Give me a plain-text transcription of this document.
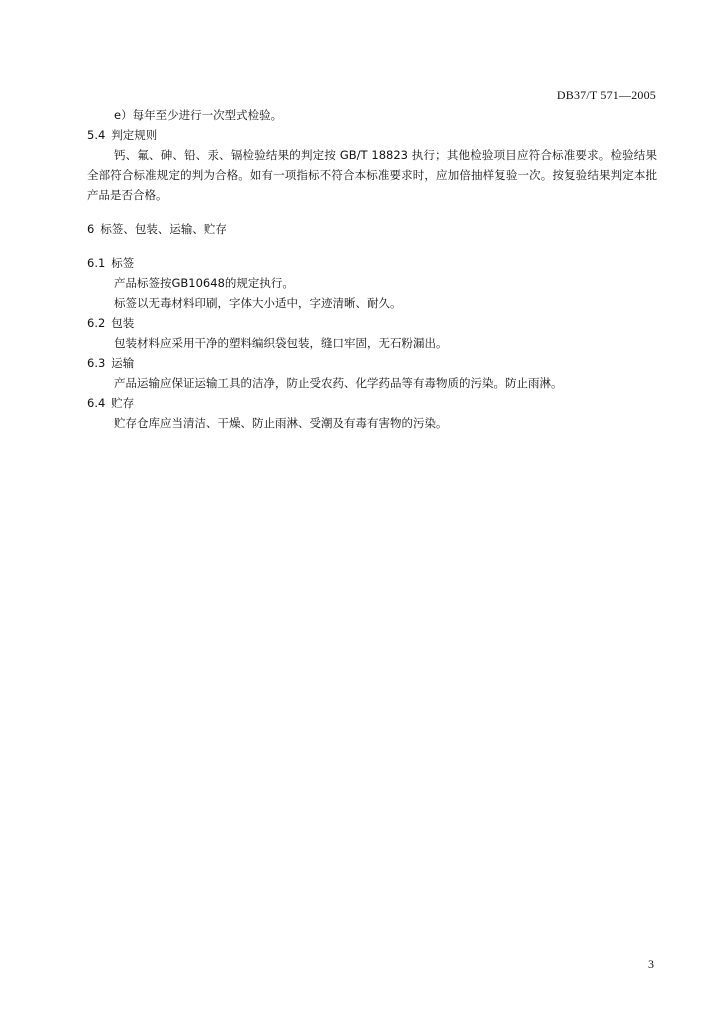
DB37/T 571—2005
e）每年至少进行一次型式检验。
5.4 判定规则
钙、氟、砷、铅、汞、镉检验结果的判定按 GB/T 18823 执行；其他检验项目应符合标准要求。检验结果全部符合标准规定的判为合格。如有一项指标不符合本标准要求时，应加倍抽样复验一次。按复验结果判定本批产品是否合格。
6 标签、包装、运输、贮存
6.1 标签
产品标签按GB10648的规定执行。
标签以无毒材料印刷，字体大小适中，字迹清晰、耐久。
6.2 包装
包装材料应采用干净的塑料编织袋包装，缝口牢固，无石粉漏出。
6.3 运输
产品运输应保证运输工具的洁净，防止受农药、化学药品等有毒物质的污染。防止雨淋。
6.4 贮存
贮存仓库应当清洁、干燥、防止雨淋、受潮及有毒有害物的污染。
3
